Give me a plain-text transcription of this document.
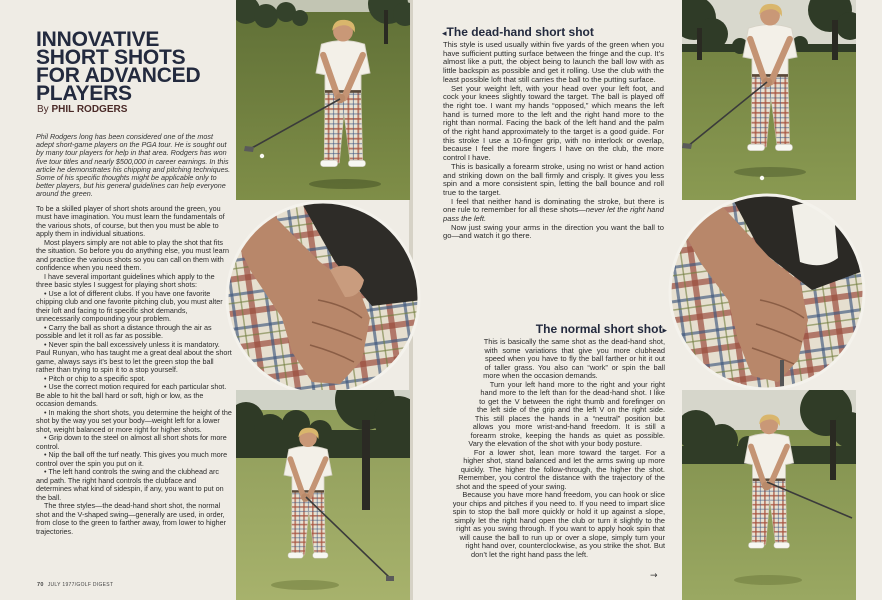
INNOVATIVE
SHORT SHOTS
FOR ADVANCED
PLAYERS
By PHIL RODGERS

Phil Rodgers long has been considered one of the most adept short-game players on the PGA tour. He is sought out by many tour players for help in that area. Rodgers has won five tour titles and nearly $500,000 in career earnings. In this article he demonstrates his chipping and pitching techniques. Some of his specific thoughts might be applicable only to better players, but his general guidelines can help everyone around the green.

To be a skilled player of short shots around the green, you must have imagination. You must learn the fundamentals of the various shots, of course, but then you must be able to apply them in individual situations.

Most players simply are not able to play the shot that fits the situation. So before you do anything else, you must learn and practice the various shots so you can call on them with confidence when you need them.

I have several important guidelines which apply to the three basic styles I suggest for playing short shots:

• Use a lot of different clubs. If you have one favorite chipping club and one favorite pitching club, you must alter their loft and facing to fit specific shot demands, unnecessarily compounding your problem.

• Carry the ball as short a distance through the air as possible and let it roll as far as possible.

• Never spin the ball excessively unless it is mandatory. Paul Runyan, who has taught me a great deal about the short game, always says it’s best to let the green stop the ball rather than trying to spin it to a stop yourself.

• Pitch or chip to a specific spot.

• Use the correct motion required for each particular shot. Be able to hit the ball hard or soft, high or low, as the occasion demands.

• In making the short shots, you determine the height of the shot by the way you set your body—weight left for a lower shot, weight balanced or more right for higher shots.

• Grip down to the steel on almost all short shots for more control.

• Nip the ball off the turf neatly. This gives you much more control over the spin you put on it.

• The left hand controls the swing and the clubhead arc and path. The right hand controls the clubface and determines what kind of sidespin, if any, you want to put on the ball.

The three styles—the dead-hand short shot, the normal shot and the V-shaped swing—generally are used, in order, from close to the green to farther away, from lower to higher trajectories.

70 JULY 1977/GOLF DIGEST
◂The dead-hand short shot

This style is used usually within five yards of the green when you have sufficient putting surface between the fringe and the cup. It’s almost like a putt, the object being to launch the ball low with as little backspin as possible and get it rolling. Use the club with the least possible loft that still carries the ball to the putting surface.

Set your weight left, with your head over your left foot, and cock your knees slightly toward the target. The ball is played off the right toe. I want my hands “opposed,” which means the left hand is turned more to the left and the right hand more to the right than normal. Facing the back of the left hand and the palm of the right hand approximately to the target is a good guide. For this stroke I use a 10-finger grip, with no interlock or overlap, because I feel the more fingers I have on the club, the more control I have.

This is basically a forearm stroke, using no wrist or hand action and striking down on the ball firmly and crisply. It gives you less spin and a more consistent spin, letting the ball bounce and roll true to the target.

I feel that neither hand is dominating the stroke, but there is one rule to remember for all these shots—never let the right hand pass the left.

Now just swing your arms in the direction you want the ball to go—and watch it go there.

The normal short shot▸

This is basically the same shot as the dead-hand shot, with some variations that give you more clubhead speed when you have to fly the ball farther or hit it out of taller grass. You also can “work” or spin the ball more when the occasion demands.

Turn your left hand more to the right and your right hand more to the left than for the dead-hand shot. I like to get the V between the right thumb and forefinger on the left side of the grip and the left V on the right side. This still places the hands in a “neutral” position but allows you more wrist-and-hand freedom. It is still a forearm stroke, keeping the hands as quiet as possible. Vary the elevation of the shot with your body posture.

For a lower shot, lean more toward the target. For a higher shot, stand balanced and let the arms swing up more quickly. The higher the follow-through, the higher the shot. Remember, you control the distance with the trajectory of the shot and the speed of your swing.

Because you have more hand freedom, you can hook or slice your chips and pitches if you need to. If you need to impart slice spin to stop the ball more quickly or hold it up against a slope, simply let the right hand open the club or turn it slightly to the right as you swing through. If you want to apply hook spin that will cause the ball to run up or over a slope, simply turn your right hand over, counterclockwise, as you strike the shot. But don’t let the right hand pass the left.

→
